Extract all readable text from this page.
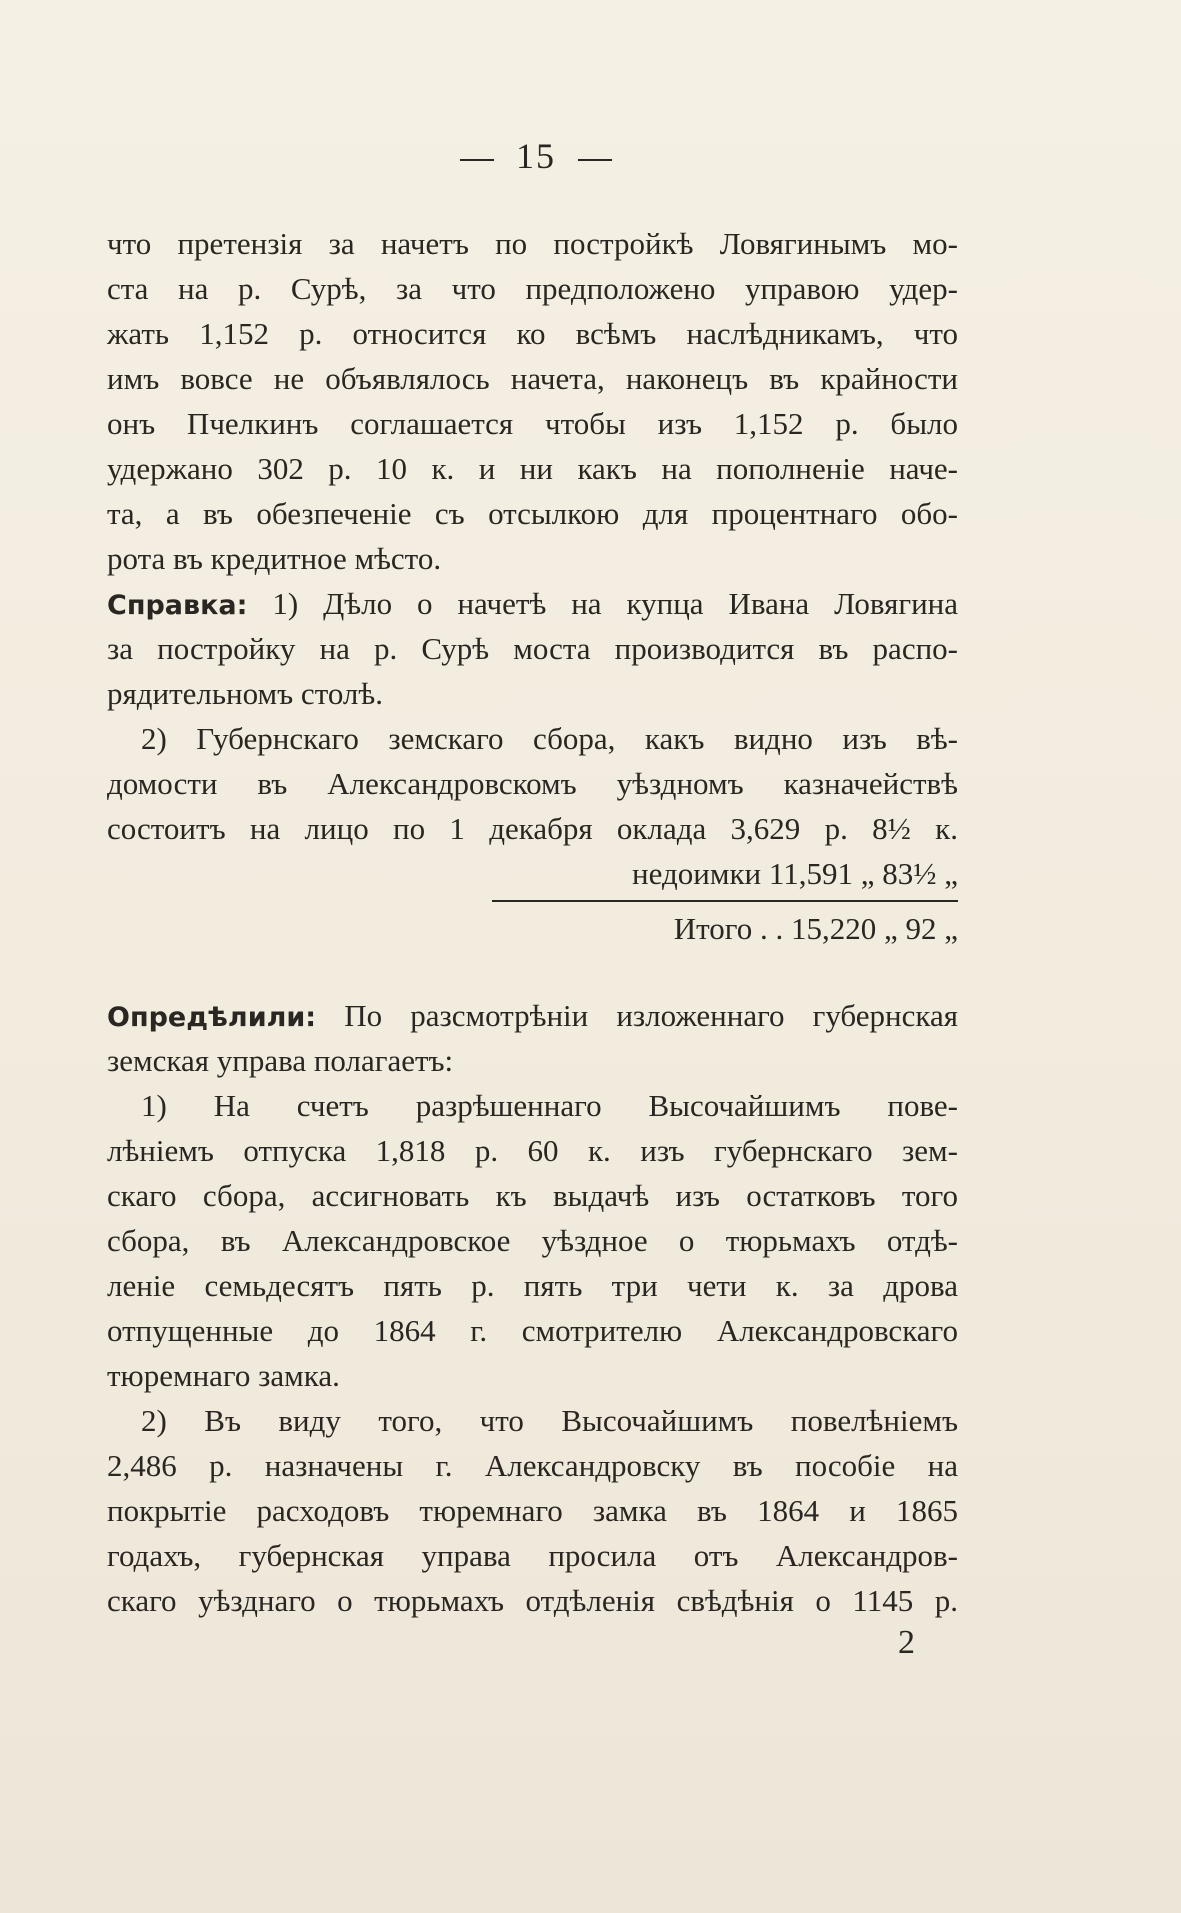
15
что претензія за начетъ по постройкѣ Ловягинымъ мо-
ста на р. Сурѣ, за что предположено управою удер-
жать 1,152 р. относится ко всѣмъ наслѣдникамъ, что
имъ вовсе не объявлялось начета, наконецъ въ крайности
онъ Пчелкинъ соглашается чтобы изъ 1,152 р. было
удержано 302 р. 10 к. и ни какъ на пополненіе наче-
та, а въ обезпеченіе съ отсылкою для процентнаго обо-
рота въ кредитное мѣсто.
Справка: 1) Дѣло о начетѣ на купца Ивана Ловягина
за постройку на р. Сурѣ моста производится въ распо-
рядительномъ столѣ.
2) Губернскаго земскаго сбора, какъ видно изъ вѣ-
домости въ Александровскомъ уѣздномъ казначействѣ
состоитъ на лицо по 1 декабря оклада 3,629 р. 8½ к.
недоимки 11,591 „ 83½ „
Итого . . 15,220 „ 92 „
Опредѣлили: По разсмотрѣніи изложеннаго губернская
земская управа полагаетъ:
1) На счетъ разрѣшеннаго Высочайшимъ пове-
лѣніемъ отпуска 1,818 р. 60 к. изъ губернскаго зем-
скаго сбора, ассигновать къ выдачѣ изъ остатковъ того
сбора, въ Александровское уѣздное о тюрьмахъ отдѣ-
леніе семьдесятъ пять р. пять три чети к. за дрова
отпущенные до 1864 г. смотрителю Александровскаго
тюремнаго замка.
2) Въ виду того, что Высочайшимъ повелѣніемъ
2,486 р. назначены г. Александровску въ пособіе на
покрытіе расходовъ тюремнаго замка въ 1864 и 1865
годахъ, губернская управа просила отъ Александров-
скаго уѣзднаго о тюрьмахъ отдѣленія свѣдѣнія о 1145 р.
2
